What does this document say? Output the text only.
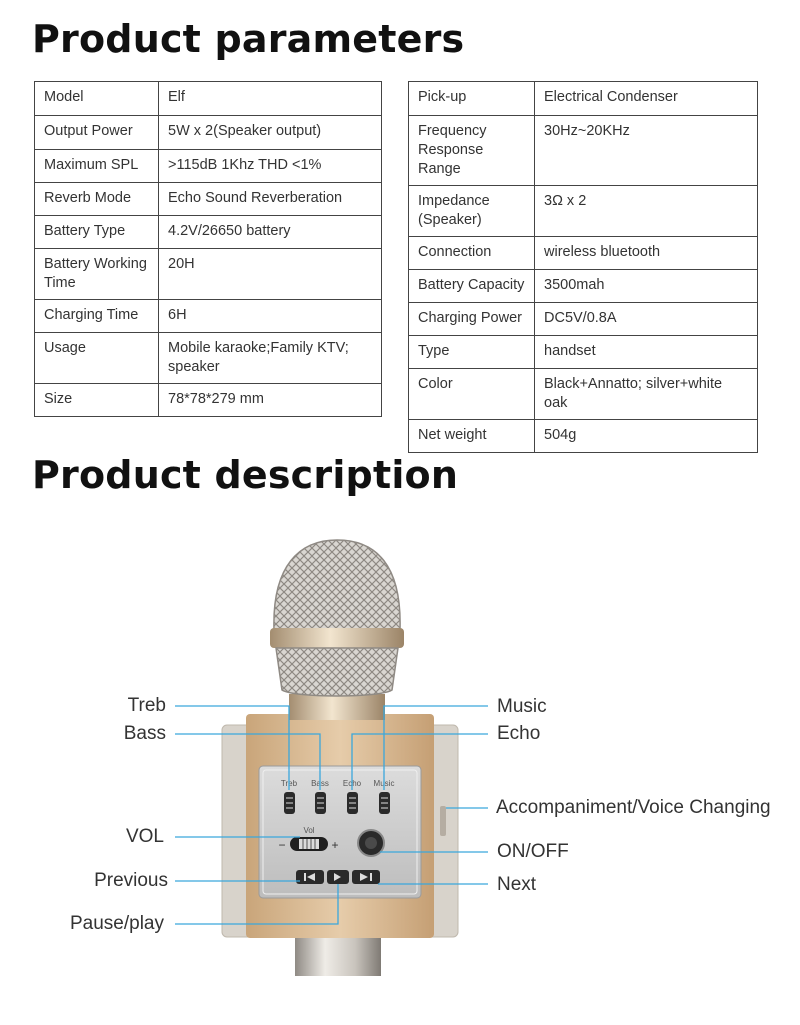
Product parameters
Product description
Model	Elf
Output Power	5W x 2(Speaker output)
Maximum SPL	>115dB 1Khz THD <1%
Reverb Mode	Echo Sound Reverberation
Battery Type	4.2V/26650 battery
Battery Working Time	20H
Charging Time	6H
Usage	Mobile karaoke;Family KTV; speaker
Size	78*78*279 mm
Pick-up	Electrical Condenser
Frequency Response Range	30Hz~20KHz
Impedance (Speaker)	3Ω x 2
Connection	wireless bluetooth
Battery Capacity	3500mah
Charging Power	DC5V/0.8A
Type	handset
Color	Black+Annatto; silver+white oak
Net weight	504g
Treb Bass Echo Music
Vol
−	+
Treb
Bass
VOL
Previous
Pause/play
Music
Echo
Accompaniment/Voice Changing
ON/OFF
Next
